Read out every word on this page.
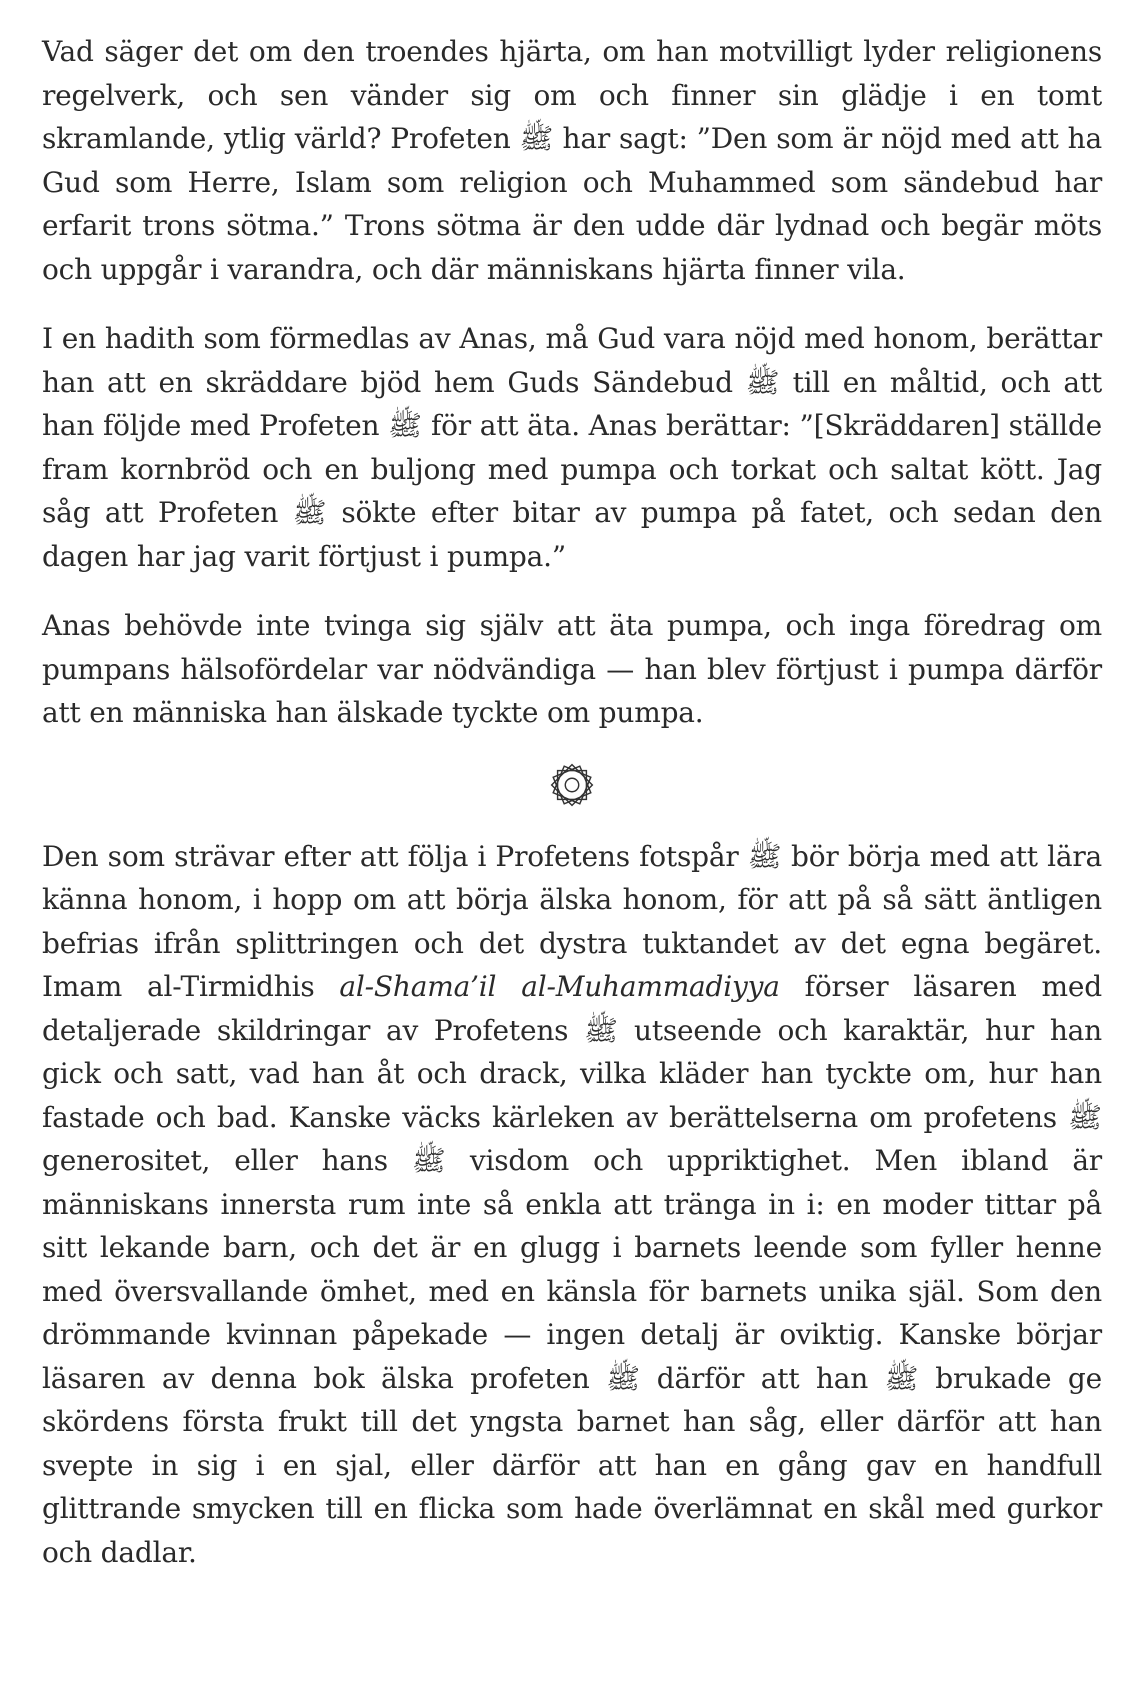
Vad säger det om den troendes hjärta, om han motvilligt lyder religionens regelverk, och sen vänder sig om och finner sin glädje i en tomt skramlande, ytlig värld? Profeten ﷺ har sagt: ”Den som är nöjd med att ha Gud som Herre, Islam som religion och Muhammed som sändebud har erfarit trons sötma.” Trons sötma är den udde där lydnad och begär möts och uppgår i varandra, och där människans hjärta finner vila.

I en hadith som förmedlas av Anas, må Gud vara nöjd med honom, berättar han att en skräddare bjöd hem Guds Sändebud ﷺ till en måltid, och att han följde med Profeten ﷺ för att äta. Anas berättar: ”[Skräddaren] ställde fram kornbröd och en buljong med pumpa och torkat och saltat kött. Jag såg att Profeten ﷺ sökte efter bitar av pumpa på fatet, och sedan den dagen har jag varit förtjust i pumpa.”

Anas behövde inte tvinga sig själv att äta pumpa, och inga föredrag om pumpans hälsofördelar var nödvändiga — han blev förtjust i pumpa därför att en människa han älskade tyckte om pumpa.

Den som strävar efter att följa i Profetens fotspår ﷺ bör börja med att lära känna honom, i hopp om att börja älska honom, för att på så sätt äntligen befrias ifrån splittringen och det dystra tuktandet av det egna begäret. Imam al-Tirmidhis al-Shama’il al-Muhammadiyya förser läsaren med detaljerade skildringar av Profetens ﷺ utseende och karaktär, hur han gick och satt, vad han åt och drack, vilka kläder han tyckte om, hur han fastade och bad. Kanske väcks kärleken av berättelserna om profetens ﷺ generositet, eller hans ﷺ visdom och uppriktighet. Men ibland är människans innersta rum inte så enkla att tränga in i: en moder tittar på sitt lekande barn, och det är en glugg i barnets leende som fyller henne med översvallande ömhet, med en känsla för barnets unika själ. Som den drömmande kvinnan påpekade — ingen detalj är oviktig. Kanske börjar läsaren av denna bok älska profeten ﷺ därför att han ﷺ brukade ge skördens första frukt till det yngsta barnet han såg, eller därför att han svepte in sig i en sjal, eller därför att han en gång gav en handfull glittrande smycken till en flicka som hade överlämnat en skål med gurkor och dadlar.
